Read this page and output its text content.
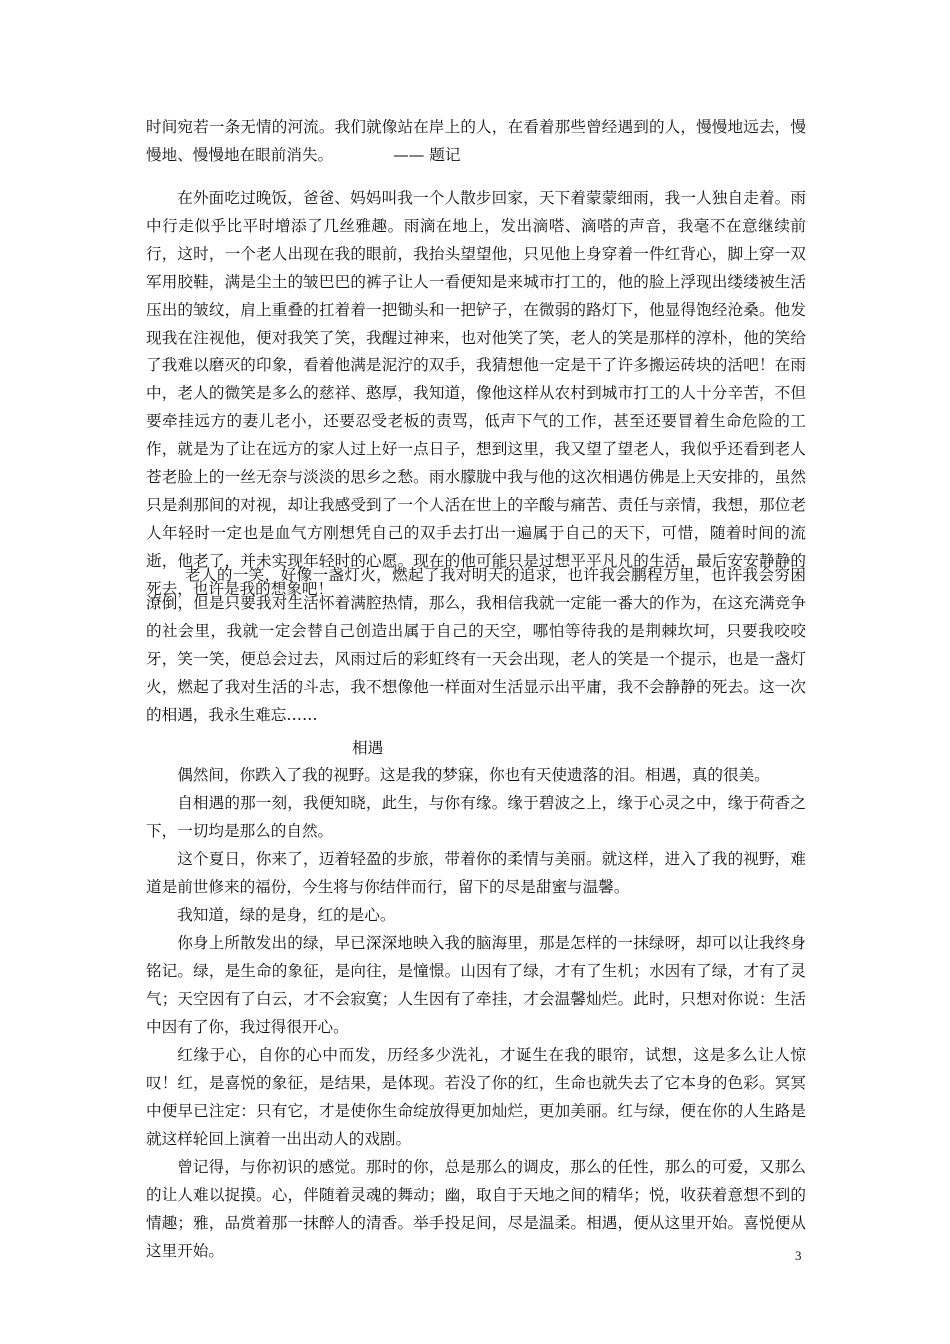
时间宛若一条无情的河流。我们就像站在岸上的人，在看着那些曾经遇到的人，慢慢地远去，慢慢地、慢慢地在眼前消失。	—— 题记

在外面吃过晚饭，爸爸、妈妈叫我一个人散步回家，天下着蒙蒙细雨，我一人独自走着。雨中行走似乎比平时增添了几丝雅趣。雨滴在地上，发出滴嗒、滴嗒的声音，我毫不在意继续前行，这时，一个老人出现在我的眼前，我抬头望望他，只见他上身穿着一件红背心，脚上穿一双军用胶鞋，满是尘土的皱巴巴的裤子让人一看便知是来城市打工的，他的脸上浮现出缕缕被生活压出的皱纹，肩上重叠的扛着着一把锄头和一把铲子，在微弱的路灯下，他显得饱经沧桑。他发现我在注视他，便对我笑了笑，我醒过神来，也对他笑了笑，老人的笑是那样的淳朴，他的笑给了我难以磨灭的印象，看着他满是泥泞的双手，我猜想他一定是干了许多搬运砖块的活吧！在雨中，老人的微笑是多么的慈祥、憨厚，我知道，像他这样从农村到城市打工的人十分辛苦，不但要牵挂远方的妻儿老小，还要忍受老板的责骂，低声下气的工作，甚至还要冒着生命危险的工作，就是为了让在远方的家人过上好一点日子，想到这里，我又望了望老人，我似乎还看到老人苍老脸上的一丝无奈与淡淡的思乡之愁。雨水朦胧中我与他的这次相遇仿佛是上天安排的，虽然只是刹那间的对视，却让我感受到了一个人活在世上的辛酸与痛苦、责任与亲情，我想，那位老人年轻时一定也是血气方刚想凭自己的双手去打出一遍属于自己的天下，可惜，随着时间的流逝，他老了，并未实现年轻时的心愿。现在的他可能只是过想平平凡凡的生活，最后安安静静的死去，也许是我的想象吧！

老人的一笑，好像一盏灯火，燃起了我对明天的追求，也许我会鹏程万里，也许我会穷困潦倒，但是只要我对生活怀着满腔热情，那么，我相信我就一定能一番大的作为，在这充满竞争的社会里，我就一定会替自己创造出属于自己的天空，哪怕等待我的是荆棘坎坷，只要我咬咬牙，笑一笑，便总会过去，风雨过后的彩虹终有一天会出现，老人的笑是一个提示，也是一盏灯火，燃起了我对生活的斗志，我不想像他一样面对生活显示出平庸，我不会静静的死去。这一次的相遇，我永生难忘……

相遇

偶然间，你跌入了我的视野。这是我的梦寐，你也有天使遗落的泪。相遇，真的很美。

自相遇的那一刻，我便知晓，此生，与你有缘。缘于碧波之上，缘于心灵之中，缘于荷香之下，一切均是那么的自然。

这个夏日，你来了，迈着轻盈的步旅，带着你的柔情与美丽。就这样，进入了我的视野，难道是前世修来的福份，今生将与你结伴而行，留下的尽是甜蜜与温馨。

我知道，绿的是身，红的是心。

你身上所散发出的绿，早已深深地映入我的脑海里，那是怎样的一抹绿呀，却可以让我终身铭记。绿，是生命的象征，是向往，是憧憬。山因有了绿，才有了生机；水因有了绿，才有了灵气；天空因有了白云，才不会寂寞；人生因有了牵挂，才会温馨灿烂。此时，只想对你说：生活中因有了你，我过得很开心。

红缘于心，自你的心中而发，历经多少洗礼，才诞生在我的眼帘，试想，这是多么让人惊叹！红，是喜悦的象征，是结果，是体现。若没了你的红，生命也就失去了它本身的色彩。冥冥中便早已注定：只有它，才是使你生命绽放得更加灿烂，更加美丽。红与绿，便在你的人生路是就这样轮回上演着一出出动人的戏剧。

曾记得，与你初识的感觉。那时的你，总是那么的调皮，那么的任性，那么的可爱，又那么的让人难以捉摸。心，伴随着灵魂的舞动；幽，取自于天地之间的精华；悦，收获着意想不到的情趣；雅，品赏着那一抹醉人的清香。举手投足间，尽是温柔。相遇，便从这里开始。喜悦便从这里开始。	3
